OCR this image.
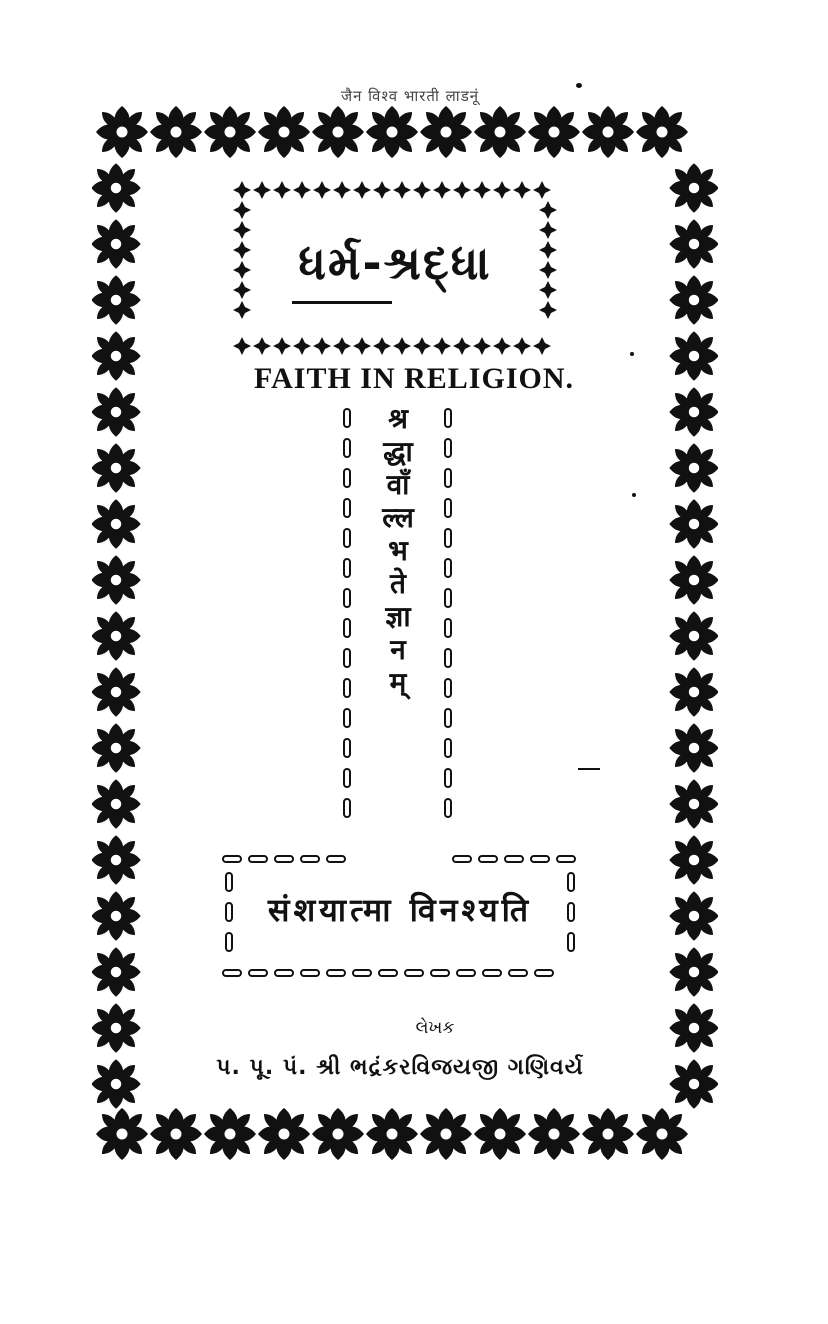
जैन विश्व भारती लाडनूं
ધર્મ-શ્રદ્ધા
FAITH IN RELIGION.
श्र
द्धा
वाँ
ल्ल
भ
ते
ज्ञा
न
म्
संशयात्मा विनश्यति
લેખક
પ. પૂ. પં. શ્રી ભદ્રંકરવિજયજી ગણિવર્ય
